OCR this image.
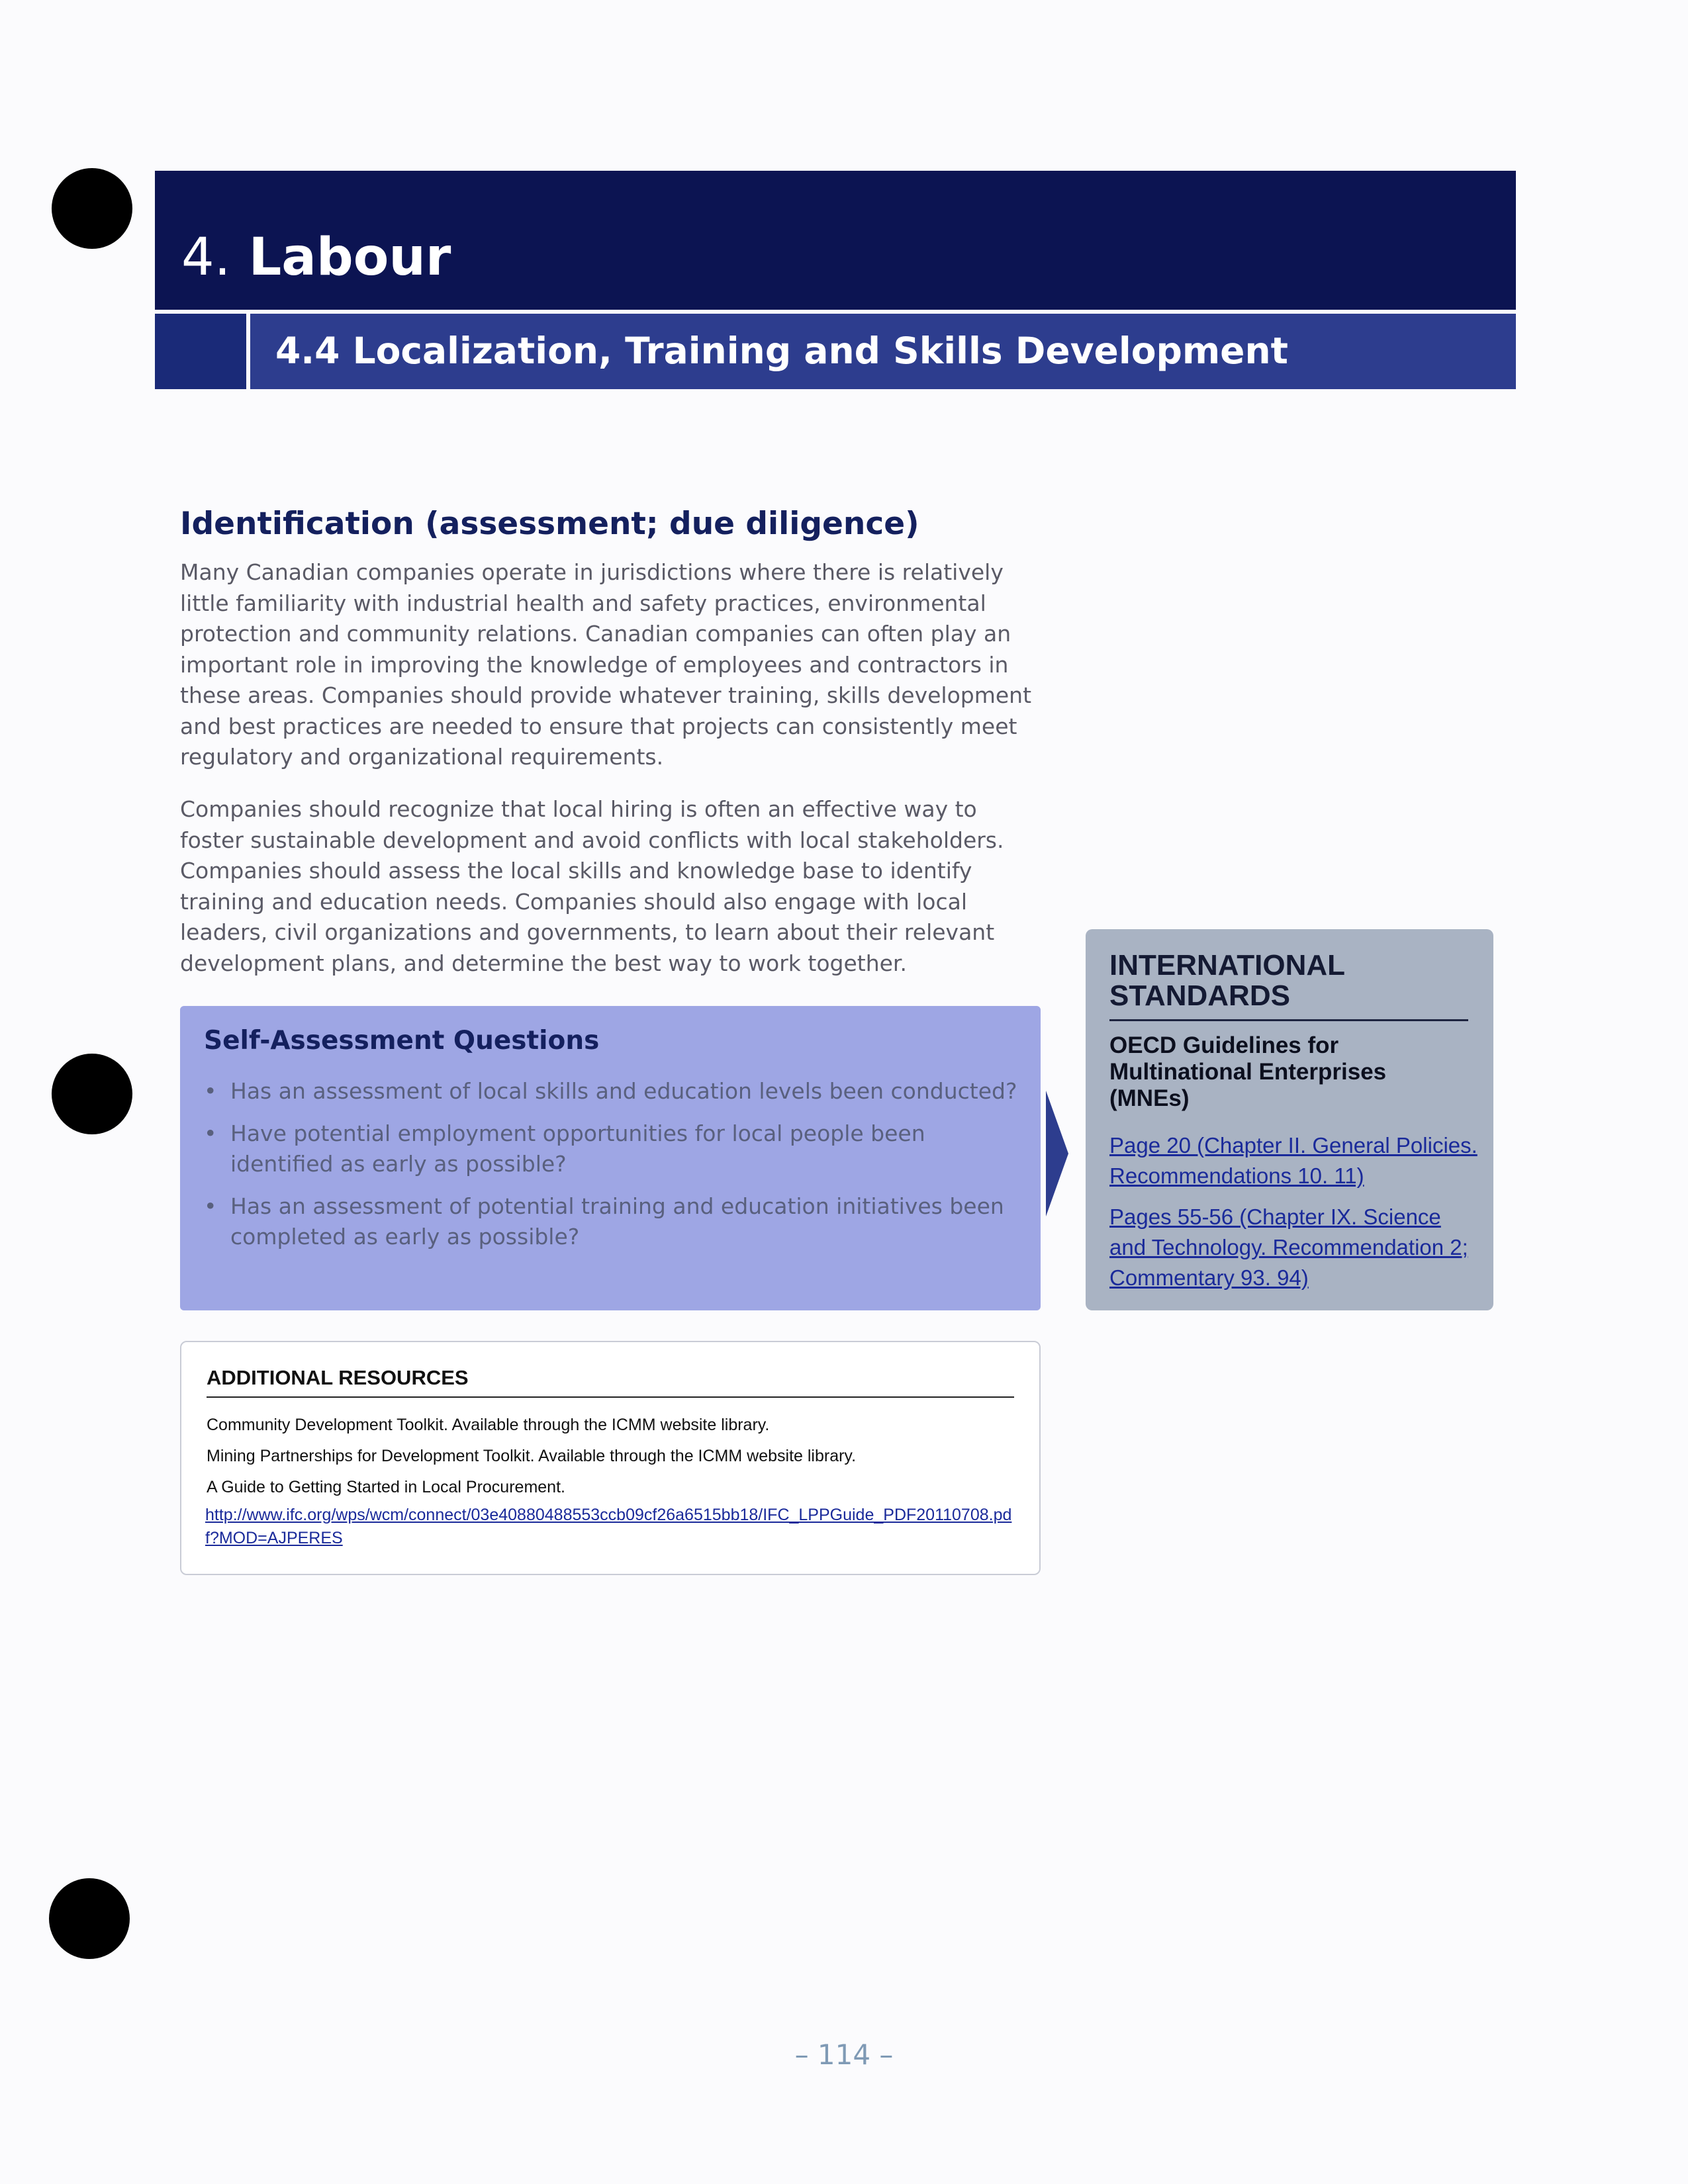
4. Labour
4.4 Localization, Training and Skills Development
Identification (assessment; due diligence)

Many Canadian companies operate in jurisdictions where there is relatively little familiarity with industrial health and safety practices, environmental protection and community relations. Canadian companies can often play an important role in improving the knowledge of employees and contractors in these areas. Companies should provide whatever training, skills development and best practices are needed to ensure that projects can consistently meet regulatory and organizational requirements.

Companies should recognize that local hiring is often an effective way to foster sustainable development and avoid conflicts with local stakeholders. Companies should assess the local skills and knowledge base to identify training and education needs. Companies should also engage with local leaders, civil organizations and governments, to learn about their relevant development plans, and determine the best way to work together.

Self-Assessment Questions
• Has an assessment of local skills and education levels been conducted?
• Have potential employment opportunities for local people been identified as early as possible?
• Has an assessment of potential training and education initiatives been completed as early as possible?
ADDITIONAL RESOURCES
Community Development Toolkit. Available through the ICMM website library.
Mining Partnerships for Development Toolkit. Available through the ICMM website library.
A Guide to Getting Started in Local Procurement.
http://www.ifc.org/wps/wcm/connect/03e40880488553ccb09cf26a6515bb18/IFC_LPPGuide_PDF20110708.pdf?MOD=AJPERES
INTERNATIONAL STANDARDS

OECD Guidelines for Multinational Enterprises (MNEs)

Page 20 (Chapter II. General Policies. Recommendations 10. 11)
Pages 55-56 (Chapter IX. Science and Technology. Recommendation 2; Commentary 93. 94)
– 114 –
